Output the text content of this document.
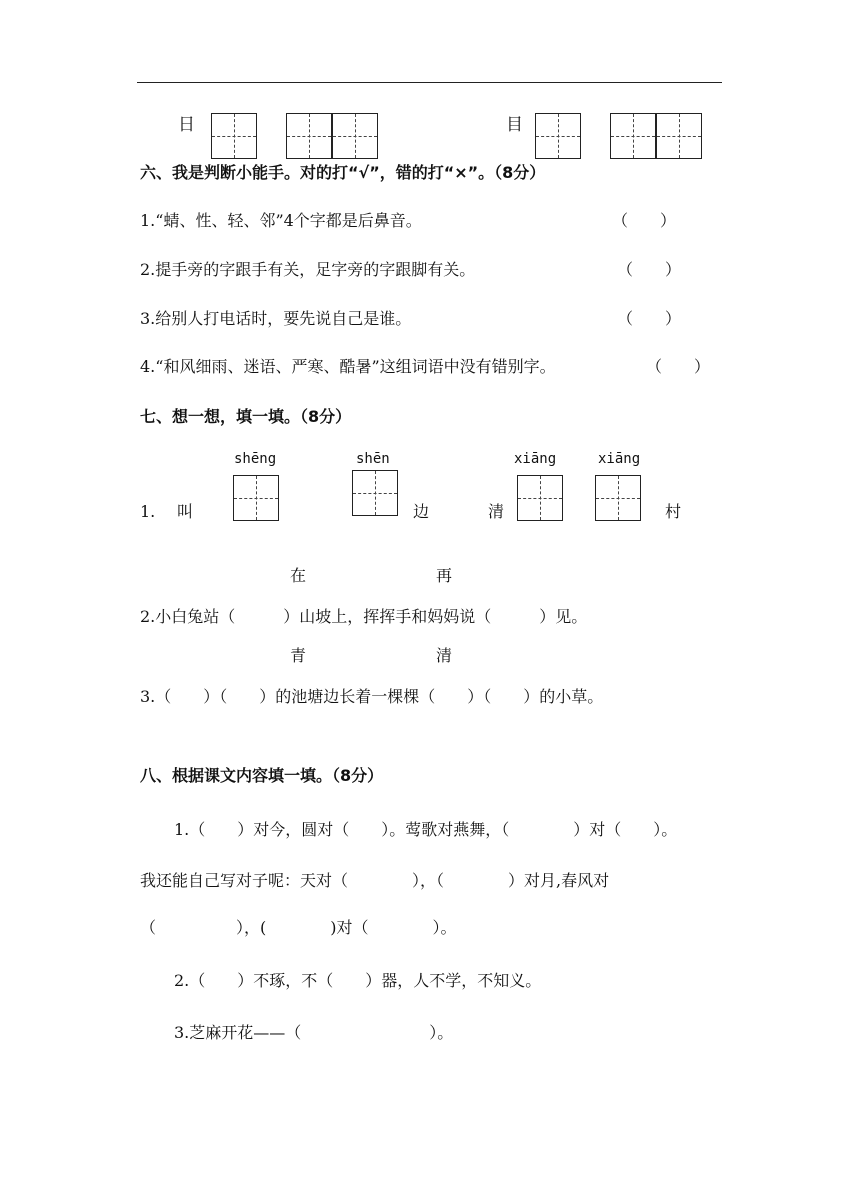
日	目
六、我是判断小能手。对的打“√”，错的打“×”。（8分）
1.“蜻、性、轻、邻”4个字都是后鼻音。	（　　）
2.提手旁的字跟手有关，足字旁的字跟脚有关。	（　　）
3.给别人打电话时，要先说自己是谁。	（　　）
4.“和风细雨、迷语、严寒、酷暑”这组词语中没有错别字。	（　　）
七、想一想，填一填。（8分）
shēng	shēn	xiāng	xiāng
1. 叫	边	清	村
在	再
2.小白兔站（　　　）山坡上，挥挥手和妈妈说（　　　）见。
青	清
3.（　　）（　　）的池塘边长着一棵棵（　　）（　　）的小草。
八、根据课文内容填一填。（8分）
1.（　　）对今，圆对（　　）。莺歌对燕舞，（　　　　）对（　　）。
我还能自己写对子呢：天对（　　　　），（　　　　）对月,春风对
（　　　　　），(　　　　)对（　　　　）。
2.（　　）不琢，不（　　）器，人不学，不知义。
3.芝麻开花——（　　　　　　　　）。
